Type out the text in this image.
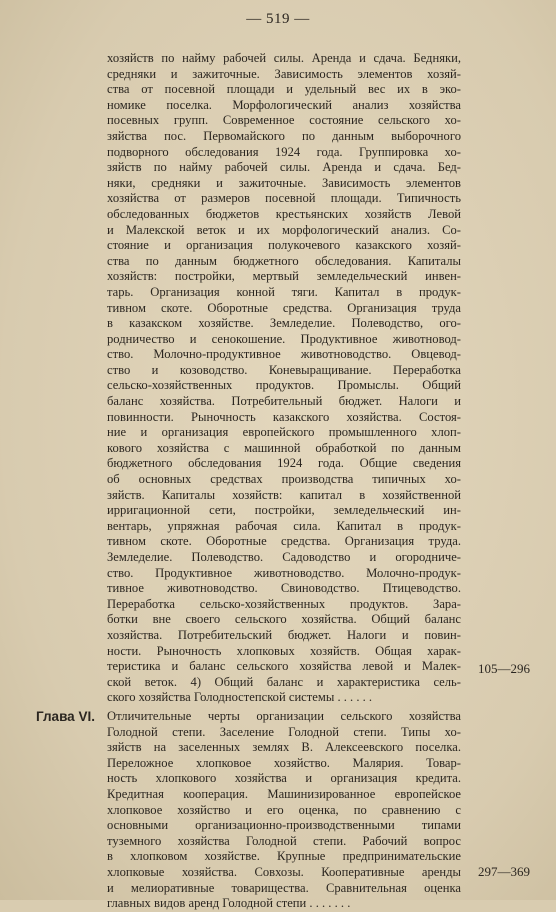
— 519 —
хозяйств по найму рабочей силы. Аренда и сдача. Бедняки,
средняки и зажиточные. Зависимость элементов хозяй-
ства от посевной площади и удельный вес их в эко-
номике поселка. Морфологический анализ хозяйства
посевных групп. Современное состояние сельского хо-
зяйства пос. Первомайского по данным выборочного
подворного обследования 1924 года. Группировка хо-
зяйств по найму рабочей силы. Аренда и сдача. Бед-
няки, средняки и зажиточные. Зависимость элементов
хозяйства от размеров посевной площади. Типичность
обследованных бюджетов крестьянских хозяйств Левой
и Малекской веток и их морфологический анализ. Со-
стояние и организация полукочевого казакского хозяй-
ства по данным бюджетного обследования. Капиталы
хозяйств: постройки, мертвый земледельческий инвен-
тарь. Организация конной тяги. Капитал в продук-
тивном скоте. Оборотные средства. Организация труда
в казакском хозяйстве. Земледелие. Полеводство, ого-
родничество и сенокошение. Продуктивное животновод-
ство. Молочно-продуктивное животноводство. Овцевод-
ство и козоводство. Коневыращивание. Переработка
сельско-хозяйственных продуктов. Промыслы. Общий
баланс хозяйства. Потребительный бюджет. Налоги и
повинности. Рыночность казакского хозяйства. Состоя-
ние и организация европейского промышленного хлоп-
кового хозяйства с машинной обработкой по данным
бюджетного обследования 1924 года. Общие сведения
об основных средствах производства типичных хо-
зяйств. Капиталы хозяйств: капитал в хозяйственной
ирригационной сети, постройки, земледельческий ин-
вентарь, упряжная рабочая сила. Капитал в продук-
тивном скоте. Оборотные средства. Организация труда.
Земледелие. Полеводство. Садоводство и огородниче-
ство. Продуктивное животноводство. Молочно-продук-
тивное животноводство. Свиноводство. Птицеводство.
Переработка сельско-хозяйственных продуктов. Зара-
ботки вне своего сельского хозяйства. Общий баланс
хозяйства. Потребительский бюджет. Налоги и повин-
ности. Рыночность хлопковых хозяйств. Общая харак-
теристика и баланс сельского хозяйства левой и Малек-
ской веток. 4) Общий баланс и характеристика сель-
ского хозяйства Голодностепской системы . . . . . .
105—296
Глава VI. Отличительные черты организации сельского хозяйства
Голодной степи. Заселение Голодной степи. Типы хо-
зяйств на заселенных землях В. Алексеевского поселка.
Переложное хлопковое хозяйство. Малярия. Товар-
ность хлопкового хозяйства и организация кредита.
Кредитная кооперация. Машинизированное европейское
хлопковое хозяйство и его оценка, по сравнению с
основными организационно-производственными типами
туземного хозяйства Голодной степи. Рабочий вопрос
в хлопковом хозяйстве. Крупные предпринимательские
хлопковые хозяйства. Совхозы. Кооперативные аренды
и мелиоративные товарищества. Сравнительная оценка
главных видов аренд Голодной степи . . . . . . .
297—369
